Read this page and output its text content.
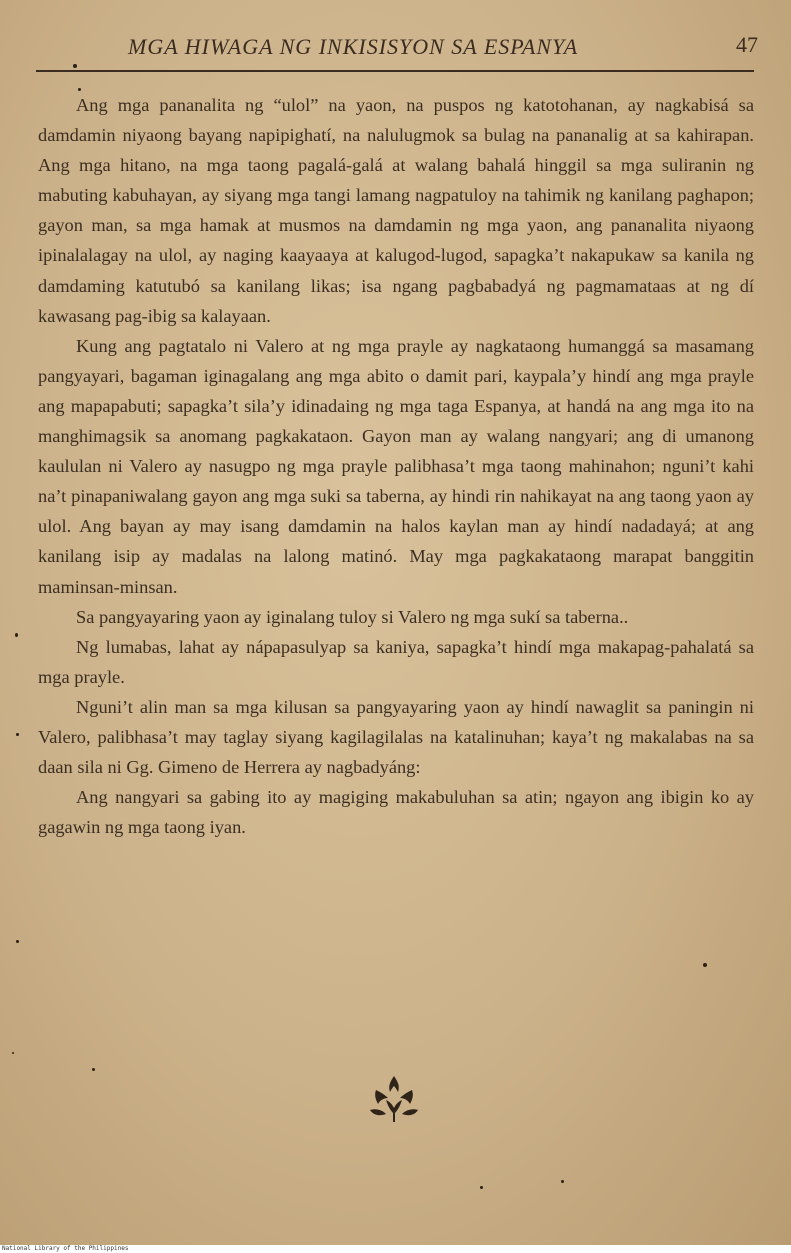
MGA HIWAGA NG INKISISYON SA ESPANYA	47

Ang mga pananalita ng “ulol” na yaon, na puspos ng katotohanan, ay nagkabisá sa damdamin niyaong bayang napipighatí, na nalulugmok sa bulag na pananalig at sa kahirapan. Ang mga hitano, na mga taong pagalá-galá at walang bahalá hinggil sa mga suliranin ng mabuting kabuhayan, ay siyang mga tangi lamang nagpatuloy na tahimik ng kanilang paghapon; gayon man, sa mga hamak at musmos na damdamin ng mga yaon, ang pananalita niyaong ipinalalagay na ulol, ay naging kaayaaya at kalugod-lugod, sapagka’t nakapukaw sa kanila ng damdaming katutubó sa kanilang likas; isa ngang pagbabadyá ng pagmamataas at ng dí kawasang pag-ibig sa kalayaan.

Kung ang pagtatalo ni Valero at ng mga prayle ay nagkataong humanggá sa masamang pangyayari, bagaman iginagalang ang mga abito o damit pari, kaypala’y hindí ang mga prayle ang mapapabuti; sapagka’t sila’y idinadaing ng mga taga Espanya, at handá na ang mga ito na manghimagsik sa anomang pagkakataon. Gayon man ay walang nangyari; ang di umanong kaululan ni Valero ay nasugpo ng mga prayle palibhasa’t mga taong mahinahon; nguni’t kahi na’t pinapaniwalang gayon ang mga suki sa taberna, ay hindi rin nahikayat na ang taong yaon ay ulol. Ang bayan ay may isang damdamin na halos kaylan man ay hindí nadadayá; at ang kanilang isip ay madalas na lalong matinó. May mga pagkakataong marapat banggitin maminsan-minsan.

Sa pangyayaring yaon ay iginalang tuloy si Valero ng mga sukí sa taberna..

Ng lumabas, lahat ay nápapasulyap sa kaniya, sapagka’t hindí mga makapag-pahalatá sa mga prayle.

Nguni’t alin man sa mga kilusan sa pangyayaring yaon ay hindí nawaglit sa paningin ni Valero, palibhasa’t may taglay siyang kagilagilalas na katalinuhan; kaya’t ng makalabas na sa daan sila ni Gg. Gimeno de Herrera ay nagbadyáng:

Ang nangyari sa gabing ito ay magiging makabuluhan sa atin; ngayon ang ibigin ko ay gagawin ng mga taong iyan.

National Library of the Philippines
